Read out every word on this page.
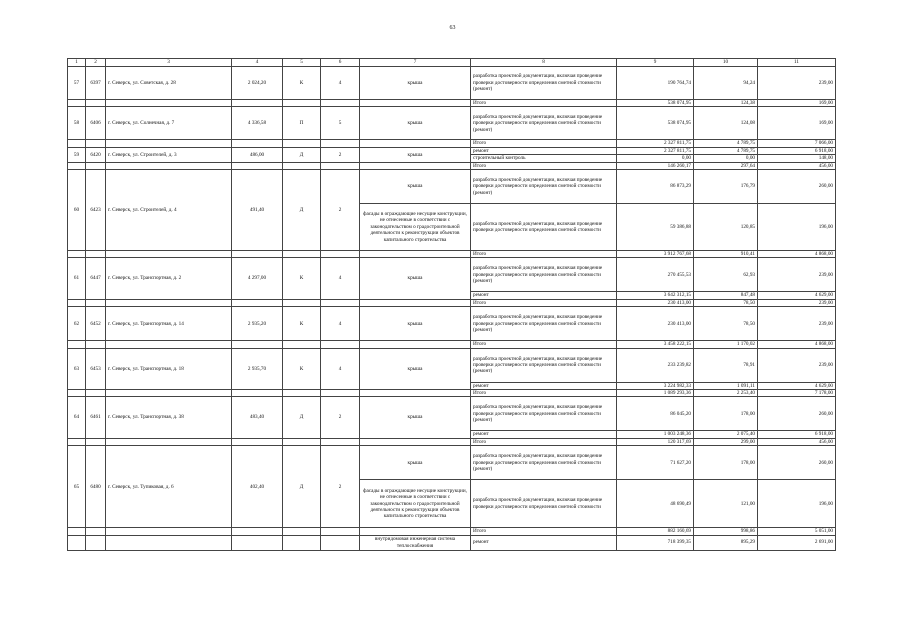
63
1	2	3	4	5	6	7	8	9	10	11
57	6397	г. Северск, ул. Советская, д. 28	2 024,20	К	4	крыша	разработка проектной документации, включая проведение проверки достоверности определения сметной стоимости (ремонт)	190 764,74	94,24	239,00
							Итого	538 074,95	124,38	169,00
58	6406	г. Северск, ул. Солнечная, д. 7	4 336,58	П	5	крыша	разработка проектной документации, включая проведение проверки достоверности определения сметной стоимости (ремонт)	538 074,95	124,08	169,00
							Итого	2 327 811,75	4 789,75	7 066,00
59	6420	г. Северск, ул. Строителей, д. 3	486,00	Д	2	крыша	ремонт	2 327 811,75	4 789,75	6 918,00
							строительный контроль	0,00	0,00	148,00
							Итого	146 260,17	297,64	456,00
60	6423	г. Северск, ул. Строителей, д. 4	491,40	Д	2	крыша	разработка проектной документации, включая проведение проверки достоверности определения сметной стоимости (ремонт)	86 873,29	176,79	260,00
						фасады в ограждающие несущие конструкции, не отнесенные в соответствии с законодательством о градостроительной деятельности к реконструкции объектов капитального строительства	разработка проектной документации, включая проведение проверки достоверности определения сметной стоимости	59 386,88	120,85	196,00
							Итого	3 912 767,68	910,41	4 868,00
61	6447	г. Северск, ул. Транспортная, д. 2	4 297,00	К	4	крыша	разработка проектной документации, включая проведение проверки достоверности определения сметной стоимости (ремонт)	270 455,53	62,93	239,00
							ремонт	3 642 312,15	847,48	4 629,00
							Итого	230 413,00	78,50	239,00
62	6452	г. Северск, ул. Транспортная, д. 14	2 935,20	К	4	крыша	разработка проектной документации, включая проведение проверки достоверности определения сметной стоимости (ремонт)	230 413,00	78,50	239,00
							Итого	3 458 222,15	1 170,02	4 868,00
63	6453	г. Северск, ул. Транспортная, д. 18	2 935,70	К	4	крыша	разработка проектной документации, включая проведение проверки достоверности определения сметной стоимости (ремонт)	233 239,82	78,91	239,00
							ремонт	3 224 982,33	1 091,11	4 629,00
							Итого	1 089 293,36	2 253,40	7 178,00
64	6461	г. Северск, ул. Транспортная, д. 38	483,40	Д	2	крыша	разработка проектной документации, включая проведение проверки достоверности определения сметной стоимости (ремонт)	86 045,20	178,00	260,00
							ремонт	1 003 248,36	2 075,40	6 918,00
							Итого	120 317,69	299,00	456,00
65	6480	г. Северск, ул. Тупиковая, д. 6	402,40	Д	2	крыша	разработка проектной документации, включая проведение проверки достоверности определения сметной стоимости (ремонт)	71 627,20	178,00	260,00
						фасады в ограждающие несущие конструкции, не отнесенные в соответствии с законодательством о градостроительной деятельности к реконструкции объектов капитального строительства	разработка проектной документации, включая проведение проверки достоверности определения сметной стоимости	48 690,49	121,00	196,00
							Итого	882 160,69	998,86	5 051,00
						внутридомовая инженерная система теплоснабжения	ремонт	718 399,35	895,29	2 691,00
